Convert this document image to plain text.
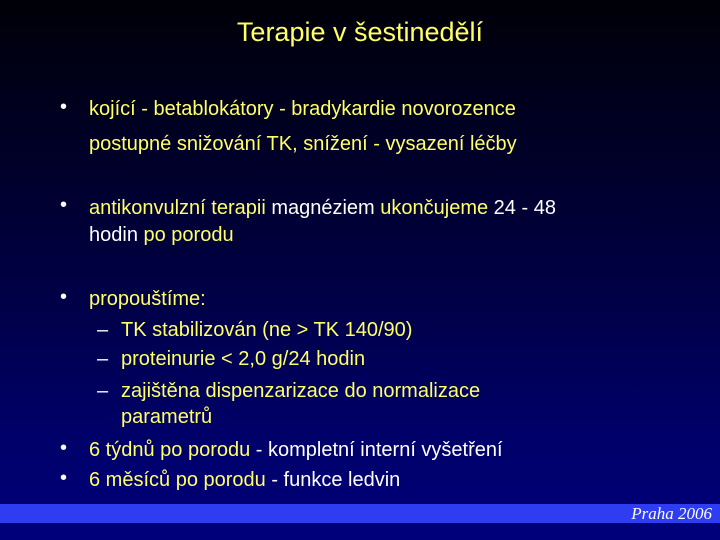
Terapie v šestinedělí
• kojící - betablokátory - bradykardie novorozence
postupné snižování TK, snížení - vysazení léčby
• antikonvulzní terapii magnéziem ukončujeme 24 - 48
hodin po porodu
• propouštíme:
– TK stabilizován (ne > TK 140/90)
– proteinurie < 2,0 g/24 hodin
– zajištěna dispenzarizace do normalizace
parametrů
• 6 týdnů po porodu - kompletní interní vyšetření
• 6 měsíců po porodu - funkce ledvin
Praha 2006
